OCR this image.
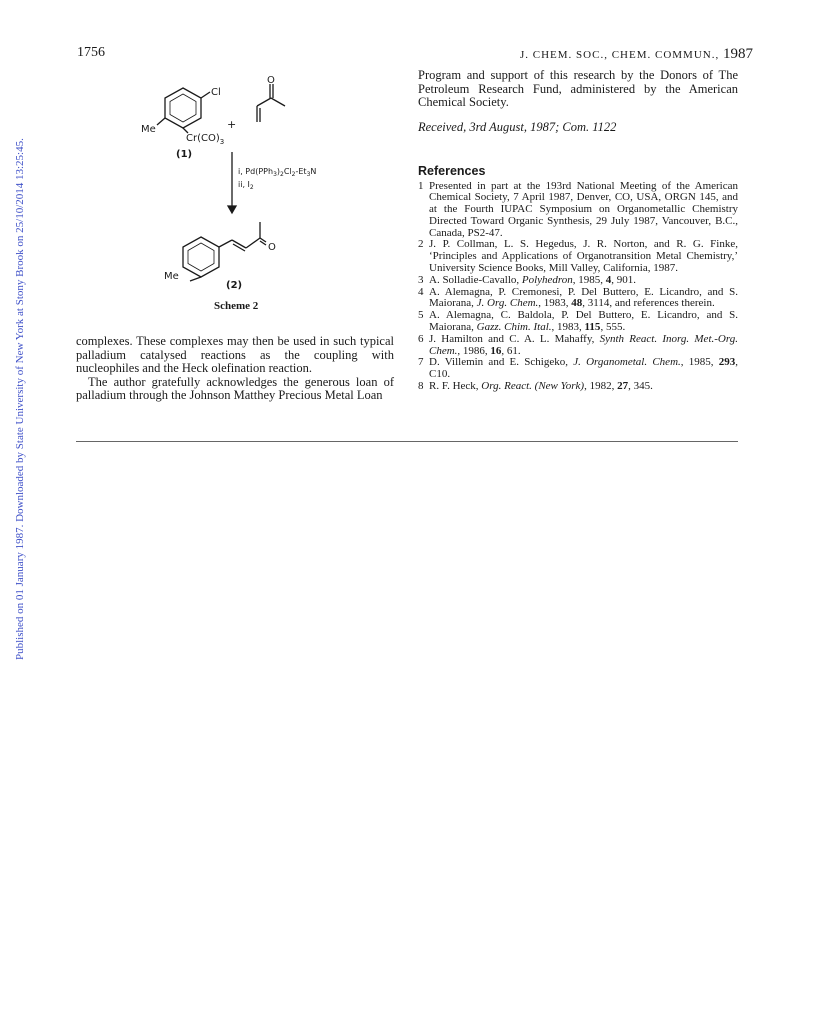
1756	J. CHEM. SOC., CHEM. COMMUN., 1987
Published on 01 January 1987. Downloaded by State University of New York at Stony Brook on 25/10/2014 13:25:45.
Cl
+
O
Me
$Cr(CO)_3$
(1)
i, $Pd(PPh_3)_2Cl_2-Et_3N$
ii, $I_2$
O
Me
(2)
Scheme 2

complexes. These complexes may then be used in such typical palladium catalysed reactions as the coupling with nucleophiles and the Heck olefination reaction.

The author gratefully acknowledges the generous loan of palladium through the Johnson Matthey Precious Metal Loan

Program and support of this research by the Donors of The Petroleum Research Fund, administered by the American Chemical Society.

Received, 3rd August, 1987; Com. 1122

References

1 Presented in part at the 193rd National Meeting of the American Chemical Society, 7 April 1987, Denver, CO, USA, ORGN 145, and at the Fourth IUPAC Symposium on Organometallic Chemistry Directed Toward Organic Synthesis, 29 July 1987, Vancouver, B.C., Canada, PS2-47.
2 J. P. Collman, L. S. Hegedus, J. R. Norton, and R. G. Finke, ‘Principles and Applications of Organotransition Metal Chemistry,’ University Science Books, Mill Valley, California, 1987.
3 A. Solladie-Cavallo, Polyhedron, 1985, 4, 901.
4 A. Alemagna, P. Cremonesi, P. Del Buttero, E. Licandro, and S. Maiorana, J. Org. Chem., 1983, 48, 3114, and references therein.
5 A. Alemagna, C. Baldola, P. Del Buttero, E. Licandro, and S. Maiorana, Gazz. Chim. Ital., 1983, 115, 555.
6 J. Hamilton and C. A. L. Mahaffy, Synth React. Inorg. Met.-Org. Chem., 1986, 16, 61.
7 D. Villemin and E. Schigeko, J. Organometal. Chem., 1985, 293, C10.
8 R. F. Heck, Org. React. (New York), 1982, 27, 345.
